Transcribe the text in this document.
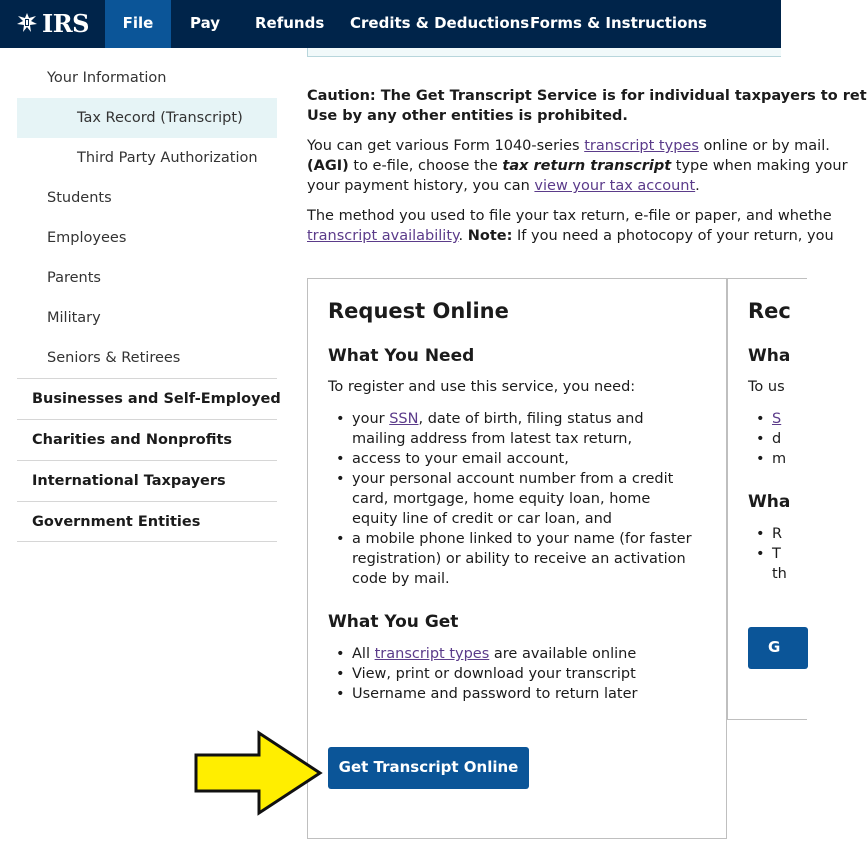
IRS	File	Pay Refunds Credits & Deductions Forms & Instructions
Your Information
Tax Record (Transcript)
Third Party Authorization
Students
Employees
Parents
Military
Seniors & Retirees
Businesses and Self-Employed
Charities and Nonprofits
International Taxpayers
Government Entities
Caution: The Get Transcript Service is for individual taxpayers to ret
Use by any other entities is prohibited.
You can get various Form 1040-series transcript types online or by mail.
(AGI) to e-file, choose the tax return transcript type when making your
your payment history, you can view your tax account.
The method you used to file your tax return, e-file or paper, and whethe
transcript availability. Note: If you need a photocopy of your return, you
Request Online
What You Need

To register and use this service, you need:

• your SSN, date of birth, filing status and mailing address from latest tax return,
• access to your email account,
• your personal account number from a credit card, mortgage, home equity loan, home equity line of credit or car loan, and
• a mobile phone linked to your name (for faster registration) or ability to receive an activation code by mail.
What You Get
• All transcript types are available online
• View, print or download your transcript
• Username and password to return later
Get Transcript Online
Rec
Wha

To us

• S
• d
• m
Wha
• R
• T
th
G
